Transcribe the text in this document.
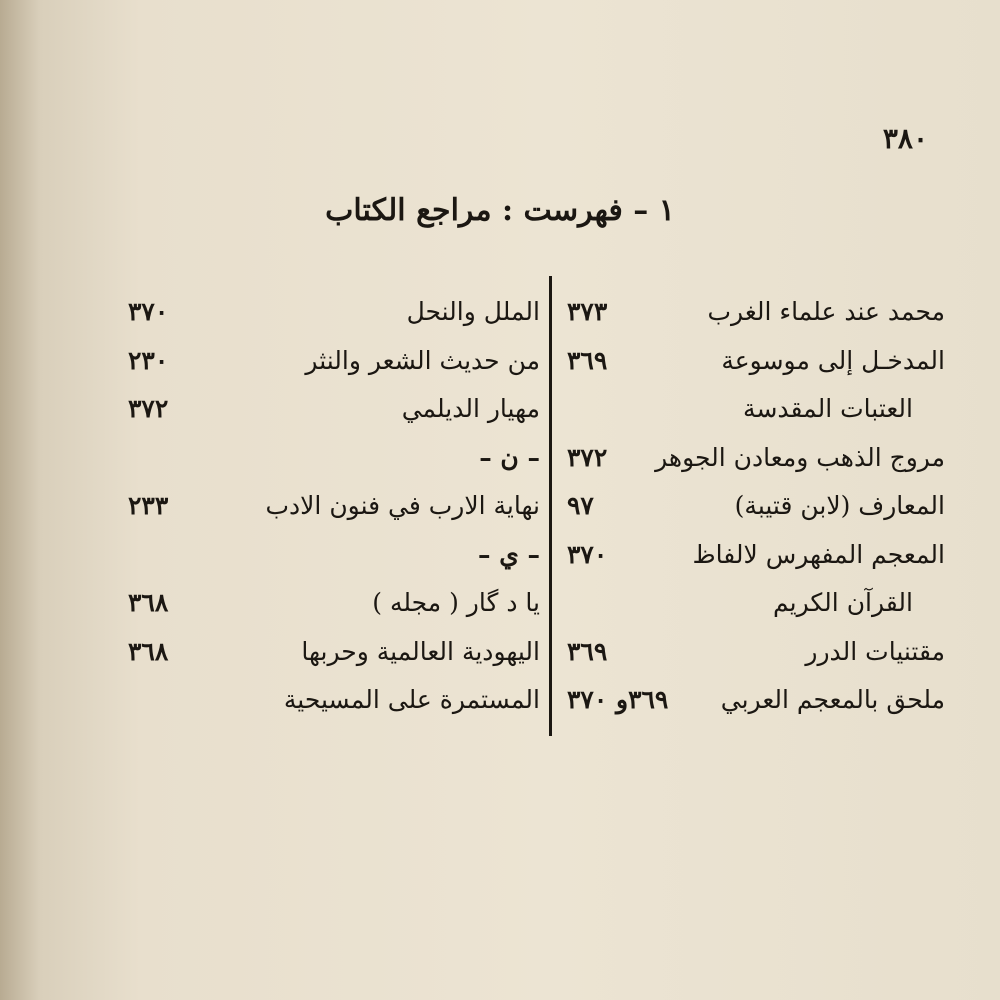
٣٨٠
١ – فهرست : مراجع الكتاب
محمد عند علماء الغرب
٣٧٣
المدخـل إلى موسوعة
٣٦٩
العتبات المقدسة
مروج الذهب ومعادن الجوهر
٣٧٢
المعارف (لابن قتيبة)
٩٧
المعجم المفهرس لالفاظ
٣٧٠
القرآن الكريم
مقتنيات الدرر
٣٦٩
ملحق بالمعجم العربي
٣٦٩و ٣٧٠
الملل والنحل
٣٧٠
من حديث الشعر والنثر
٢٣٠
مهيار الديلمي
٣٧٢
– ن –
نهاية الارب في فنون الادب
٢٣٣
– ي –
يا د گار ( مجله )
٣٦٨
اليهودية العالمية وحربها
٣٦٨
المستمرة على المسيحية
